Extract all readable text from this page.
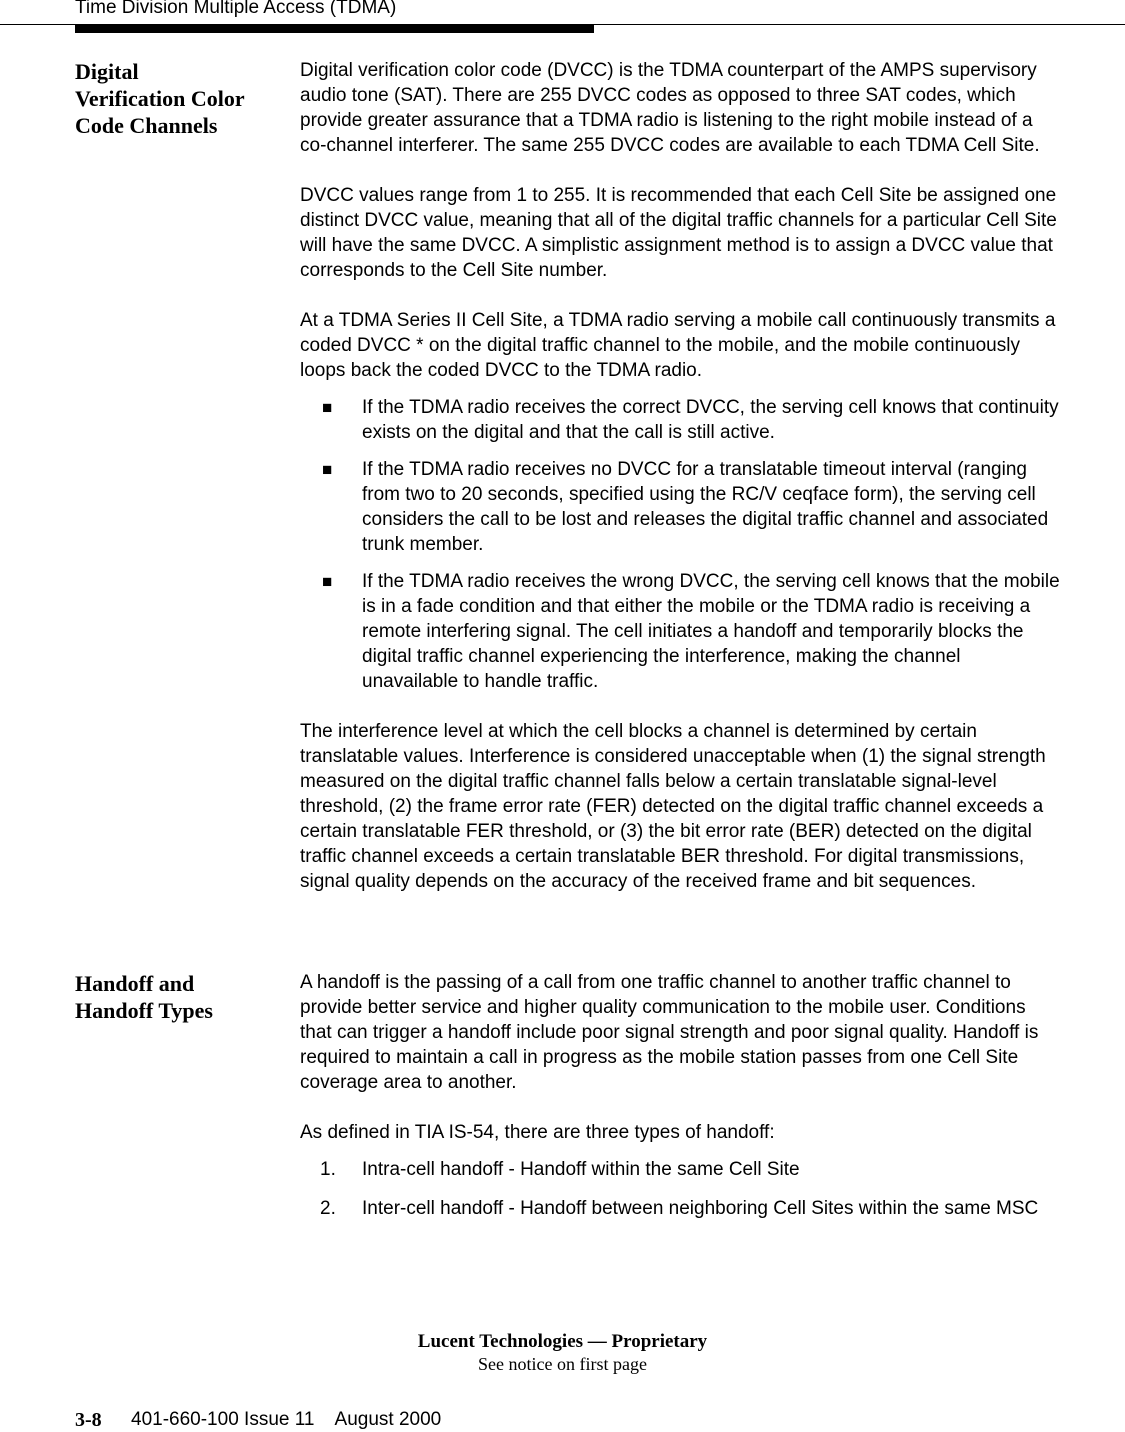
Time Division Multiple Access (TDMA)

Digital
Verification Color
Code Channels

Digital verification color code (DVCC) is the TDMA counterpart of the AMPS supervisory audio tone (SAT). There are 255 DVCC codes as opposed to three SAT codes, which provide greater assurance that a TDMA radio is listening to the right mobile instead of a co-channel interferer. The same 255 DVCC codes are available to each TDMA Cell Site.

DVCC values range from 1 to 255. It is recommended that each Cell Site be assigned one distinct DVCC value, meaning that all of the digital traffic channels for a particular Cell Site will have the same DVCC. A simplistic assignment method is to assign a DVCC value that corresponds to the Cell Site number.

At a TDMA Series II Cell Site, a TDMA radio serving a mobile call continuously transmits a coded DVCC * on the digital traffic channel to the mobile, and the mobile continuously loops back the coded DVCC to the TDMA radio.

■ If the TDMA radio receives the correct DVCC, the serving cell knows that continuity exists on the digital and that the call is still active.
■ If the TDMA radio receives no DVCC for a translatable timeout interval (ranging from two to 20 seconds, specified using the RC/V ceqface form), the serving cell considers the call to be lost and releases the digital traffic channel and associated trunk member.
■ If the TDMA radio receives the wrong DVCC, the serving cell knows that the mobile is in a fade condition and that either the mobile or the TDMA radio is receiving a remote interfering signal. The cell initiates a handoff and temporarily blocks the digital traffic channel experiencing the interference, making the channel unavailable to handle traffic.

The interference level at which the cell blocks a channel is determined by certain translatable values. Interference is considered unacceptable when (1) the signal strength measured on the digital traffic channel falls below a certain translatable signal-level threshold, (2) the frame error rate (FER) detected on the digital traffic channel exceeds a certain translatable FER threshold, or (3) the bit error rate (BER) detected on the digital traffic channel exceeds a certain translatable BER threshold. For digital transmissions, signal quality depends on the accuracy of the received frame and bit sequences.

Handoff and
Handoff Types

A handoff is the passing of a call from one traffic channel to another traffic channel to provide better service and higher quality communication to the mobile user. Conditions that can trigger a handoff include poor signal strength and poor signal quality. Handoff is required to maintain a call in progress as the mobile station passes from one Cell Site coverage area to another.

As defined in TIA IS-54, there are three types of handoff:

1. Intra-cell handoff - Handoff within the same Cell Site
2. Inter-cell handoff - Handoff between neighboring Cell Sites within the same MSC

Lucent Technologies — Proprietary

See notice on first page

3-8 401-660-100 Issue 11    August 2000
